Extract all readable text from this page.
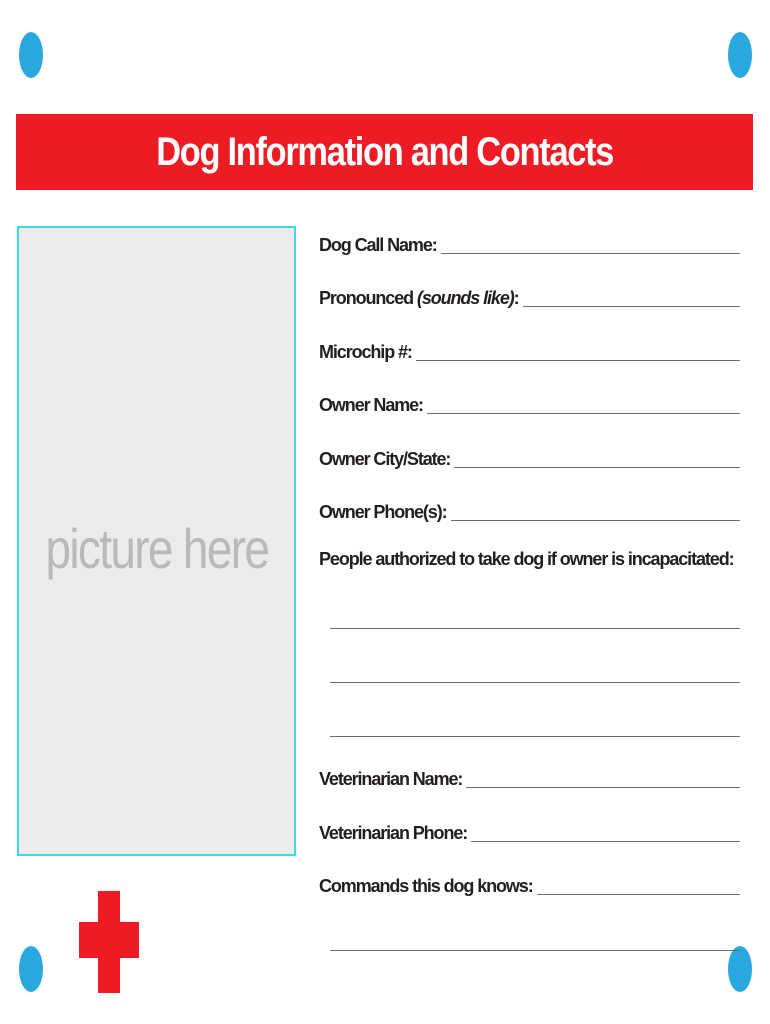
Dog Information and Contacts
picture here
Dog Call Name:
Pronounced (sounds like):
Microchip #:
Owner Name:
Owner City/State:
Owner Phone(s):
People authorized to take dog if owner is incapacitated:
Veterinarian Name:
Veterinarian Phone:
Commands this dog knows:
